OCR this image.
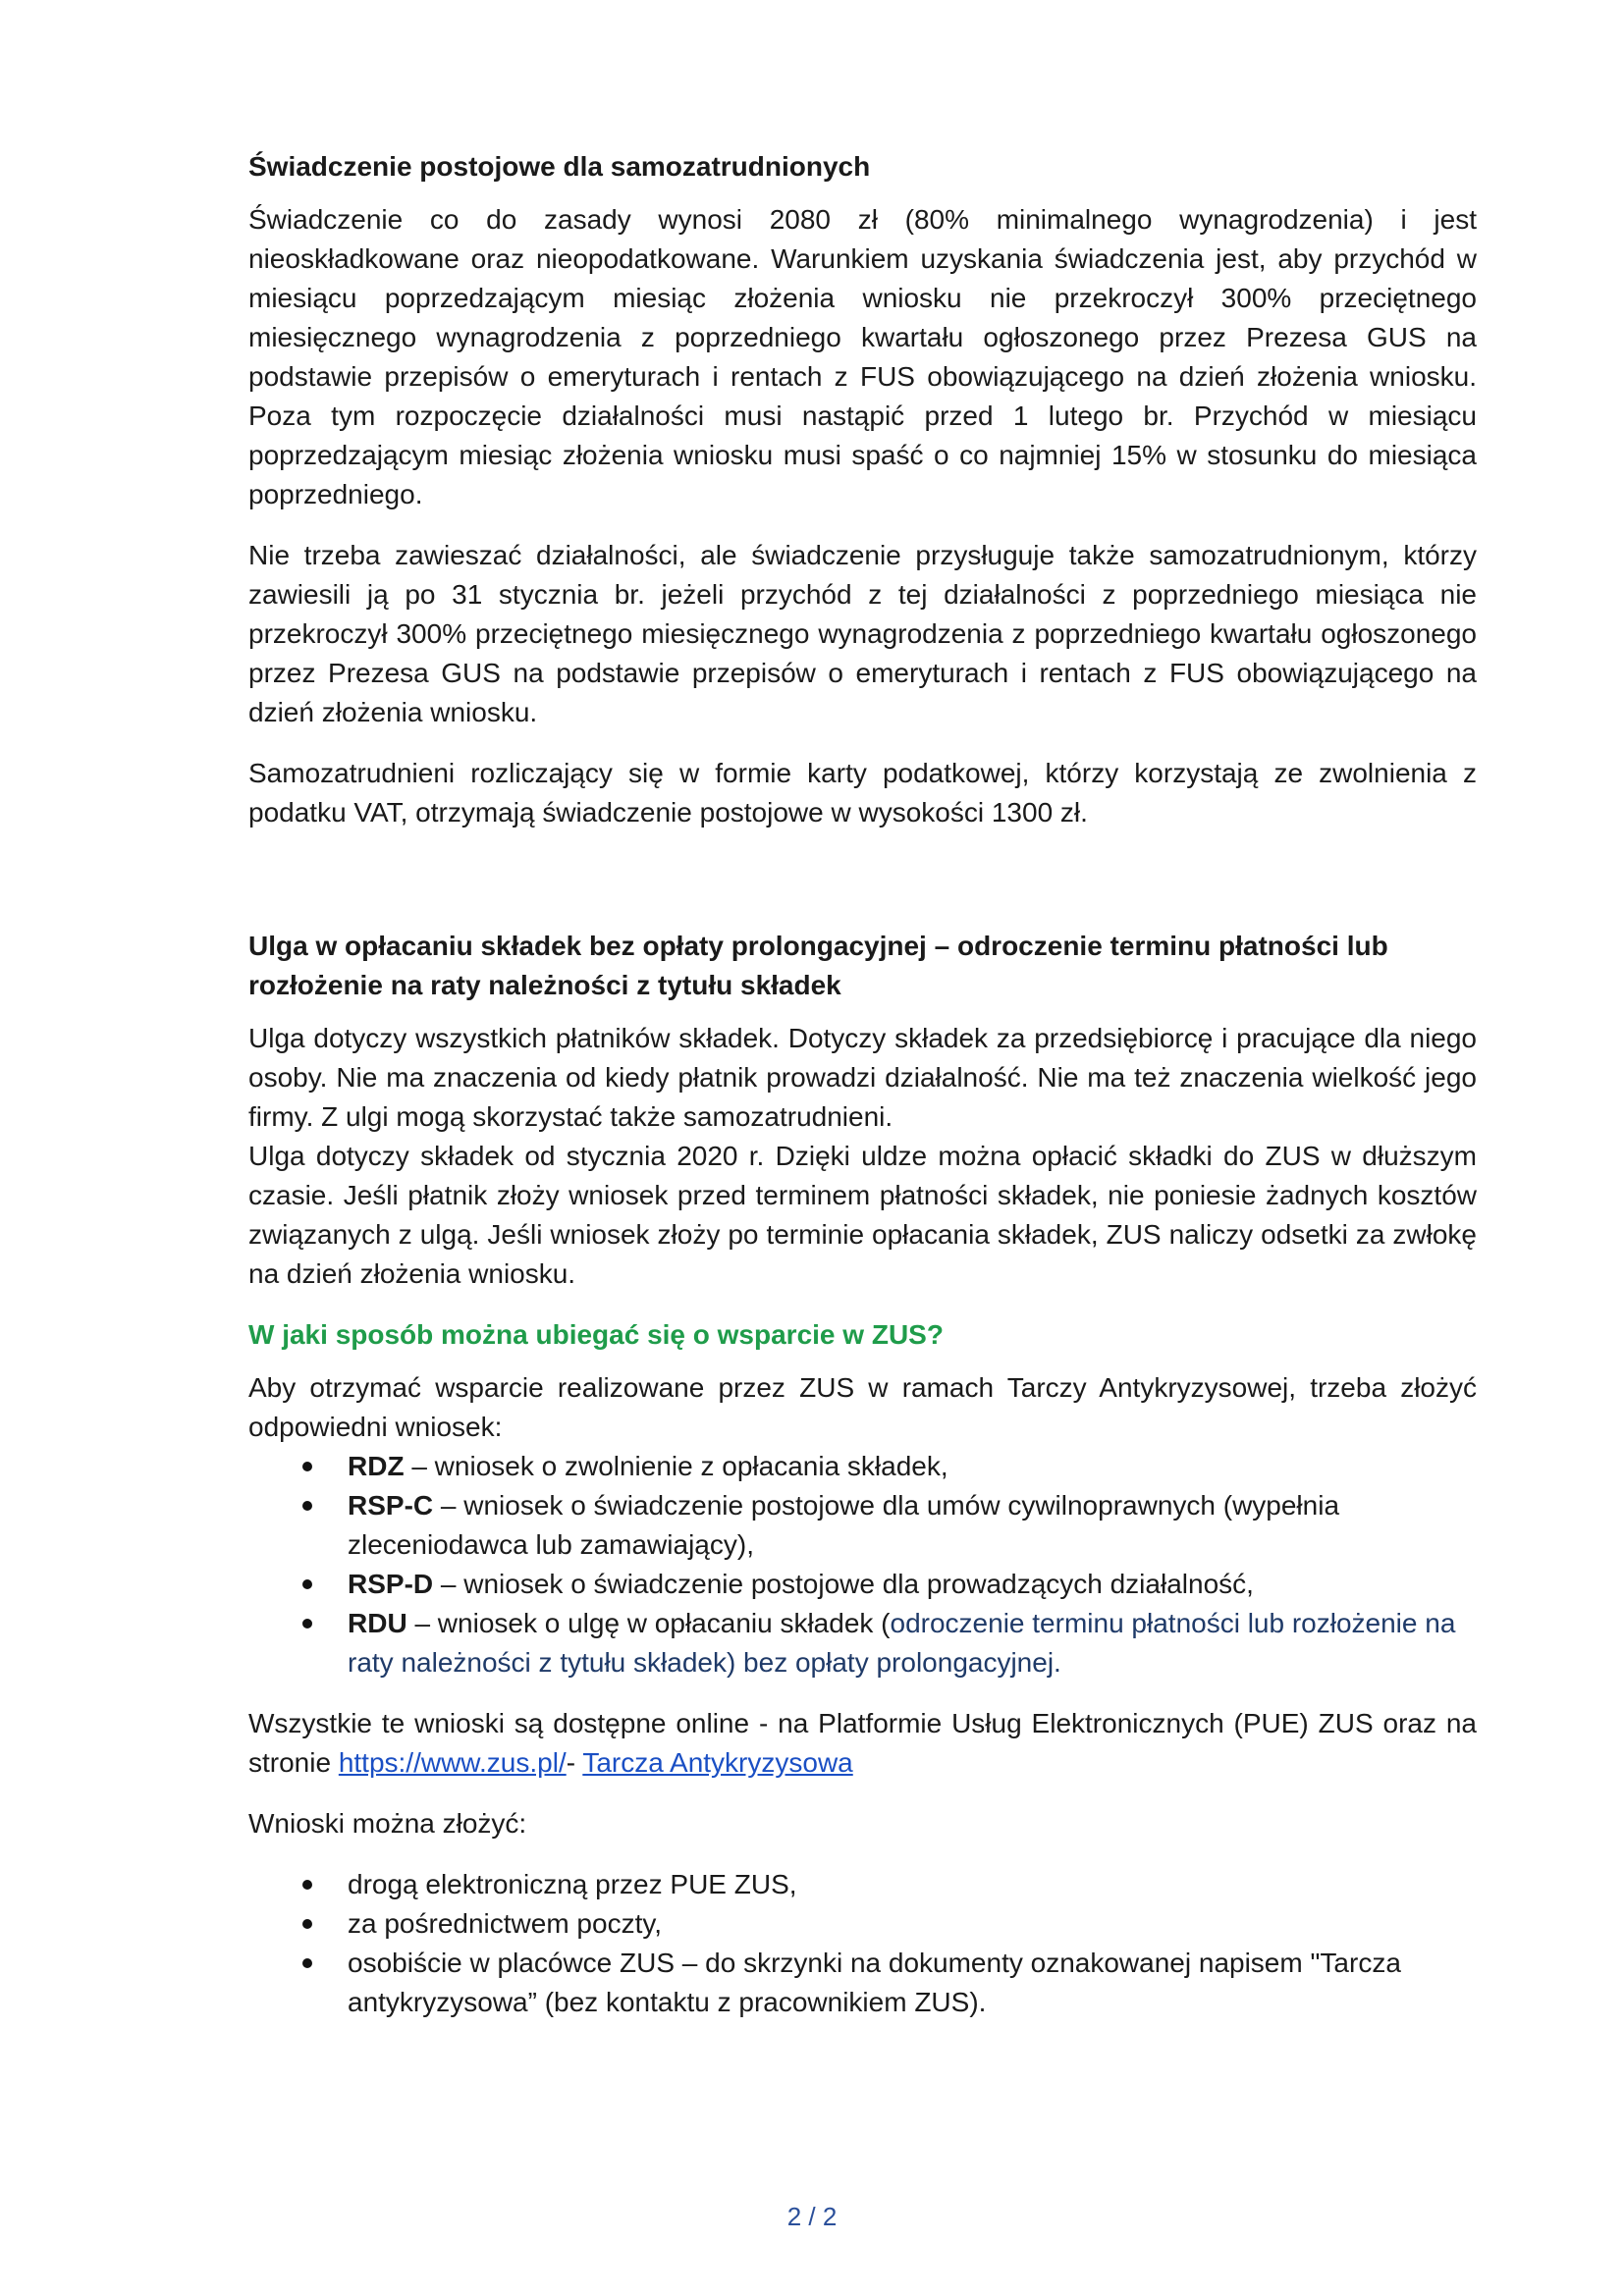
Świadczenie postojowe dla samozatrudnionych

Świadczenie co do zasady wynosi 2080 zł (80% minimalnego wynagrodzenia) i jest nieoskładkowane oraz nieopodatkowane. Warunkiem uzyskania świadczenia jest, aby przychód w miesiącu poprzedzającym miesiąc złożenia wniosku nie przekroczył 300% przeciętnego miesięcznego wynagrodzenia z poprzedniego kwartału ogłoszonego przez Prezesa GUS na podstawie przepisów o emeryturach i rentach z FUS obowiązującego na dzień złożenia wniosku. Poza tym rozpoczęcie działalności musi nastąpić przed 1 lutego br. Przychód w miesiącu poprzedzającym miesiąc złożenia wniosku musi spaść o co najmniej 15% w stosunku do miesiąca poprzedniego.

Nie trzeba zawieszać działalności, ale świadczenie przysługuje także samozatrudnionym, którzy zawiesili ją po 31 stycznia br. jeżeli przychód z tej działalności z poprzedniego miesiąca nie przekroczył 300% przeciętnego miesięcznego wynagrodzenia z poprzedniego kwartału ogłoszonego przez Prezesa GUS na podstawie przepisów o emeryturach i rentach z FUS obowiązującego na dzień złożenia wniosku.

Samozatrudnieni rozliczający się w formie karty podatkowej, którzy korzystają ze zwolnienia z podatku VAT, otrzymają świadczenie postojowe w wysokości 1300 zł.

Ulga w opłacaniu składek bez opłaty prolongacyjnej – odroczenie terminu płatności lub rozłożenie na raty należności z tytułu składek

Ulga dotyczy wszystkich płatników składek. Dotyczy składek za przedsiębiorcę i pracujące dla niego osoby. Nie ma znaczenia od kiedy płatnik prowadzi działalność. Nie ma też znaczenia wielkość jego firmy. Z ulgi mogą skorzystać także samozatrudnieni.

Ulga dotyczy składek od stycznia 2020 r. Dzięki uldze można opłacić składki do ZUS w dłuższym czasie. Jeśli płatnik złoży wniosek przed terminem płatności składek, nie poniesie żadnych kosztów związanych z ulgą. Jeśli wniosek złoży po terminie opłacania składek, ZUS naliczy odsetki za zwłokę na dzień złożenia wniosku.

W jaki sposób można ubiegać się o wsparcie w ZUS?

Aby otrzymać wsparcie realizowane przez ZUS w ramach Tarczy Antykryzysowej, trzeba złożyć odpowiedni wniosek:

RDZ – wniosek o zwolnienie z opłacania składek,
RSP-C – wniosek o świadczenie postojowe dla umów cywilnoprawnych (wypełnia zleceniodawca lub zamawiający),
RSP-D – wniosek o świadczenie postojowe dla prowadzących działalność,
RDU – wniosek o ulgę w opłacaniu składek (odroczenie terminu płatności lub rozłożenie na raty należności z tytułu składek) bez opłaty prolongacyjnej.

Wszystkie te wnioski są dostępne online - na Platformie Usług Elektronicznych (PUE) ZUS oraz na stronie https://www.zus.pl/- Tarcza Antykryzysowa

Wnioski można złożyć:

drogą elektroniczną przez PUE ZUS,
za pośrednictwem poczty,
osobiście w placówce ZUS – do skrzynki na dokumenty oznakowanej napisem "Tarcza antykryzysowa” (bez kontaktu z pracownikiem ZUS).
2 / 2
